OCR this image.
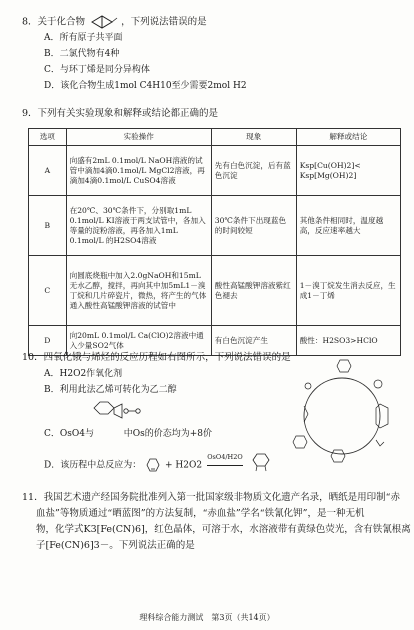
8．关于化合物	，下列说法错误的是
A．所有原子共平面
B．二氯代物有4种
C．与环丁烯是同分异构体
D．该化合物生成1mol C4H10至少需要2mol H2
9．下列有关实验现象和解释或结论都正确的是
选项	实验操作	现象	解释或结论
A	向盛有2mL 0.1mol/L NaOH溶液的试管中滴加4滴0.1mol/L MgCl2溶液，再滴加4滴0.1mol/L CuSO4溶液	先有白色沉淀，后有蓝色沉淀	Ksp[Cu(OH)2]< Ksp[Mg(OH)2]
B	在20℃、30℃条件下，分别取1mL 0.1mol/L KI溶液于两支试管中，各加入等量的淀粉溶液，再各加入1mL 0.1mol/L 的H2SO4溶液	30℃条件下出现蓝色的时间较短	其他条件相同时，温度越高，反应速率越大
C	向圆底烧瓶中加入2.0gNaOH和15mL无水乙醇，搅拌，再向其中加5mL1－溴丁烷和几片碎瓷片，微热，将产生的气体通入酸性高锰酸钾溶液的试管中	酸性高锰酸钾溶液紫红色褪去	1－溴丁烷发生消去反应，生成1－丁烯
D	向20mL 0.1mol/L Ca(ClO)2溶液中通入少量SO2气体	有白色沉淀产生	酸性：H2SO3>HClO
10．四氧化锇与烯烃的反应历程如右图所示，下列说法错误的是
A．H2O2作氧化剂
B．利用此法乙烯可转化为乙二醇
C．OsO4与	中Os的价态均为+8价
D．该历程中总反应为：	+ H2O2
OsO4/H2O

11．我国艺术遗产经国务院批准列入第一批国家级非物质文化遗产名录，晒纸是用印制“赤
血盐”等物质通过“晒蓝图”的方法复制，“赤血盐”学名“铁氰化钾”，是一种无机
物，化学式K3[Fe(CN)6]，红色晶体，可溶于水，水溶液带有黄绿色荧光，含有铁氰根离
子[Fe(CN)6]3－。下列说法正确的是
理科综合能力测试　第3页（共14页）
